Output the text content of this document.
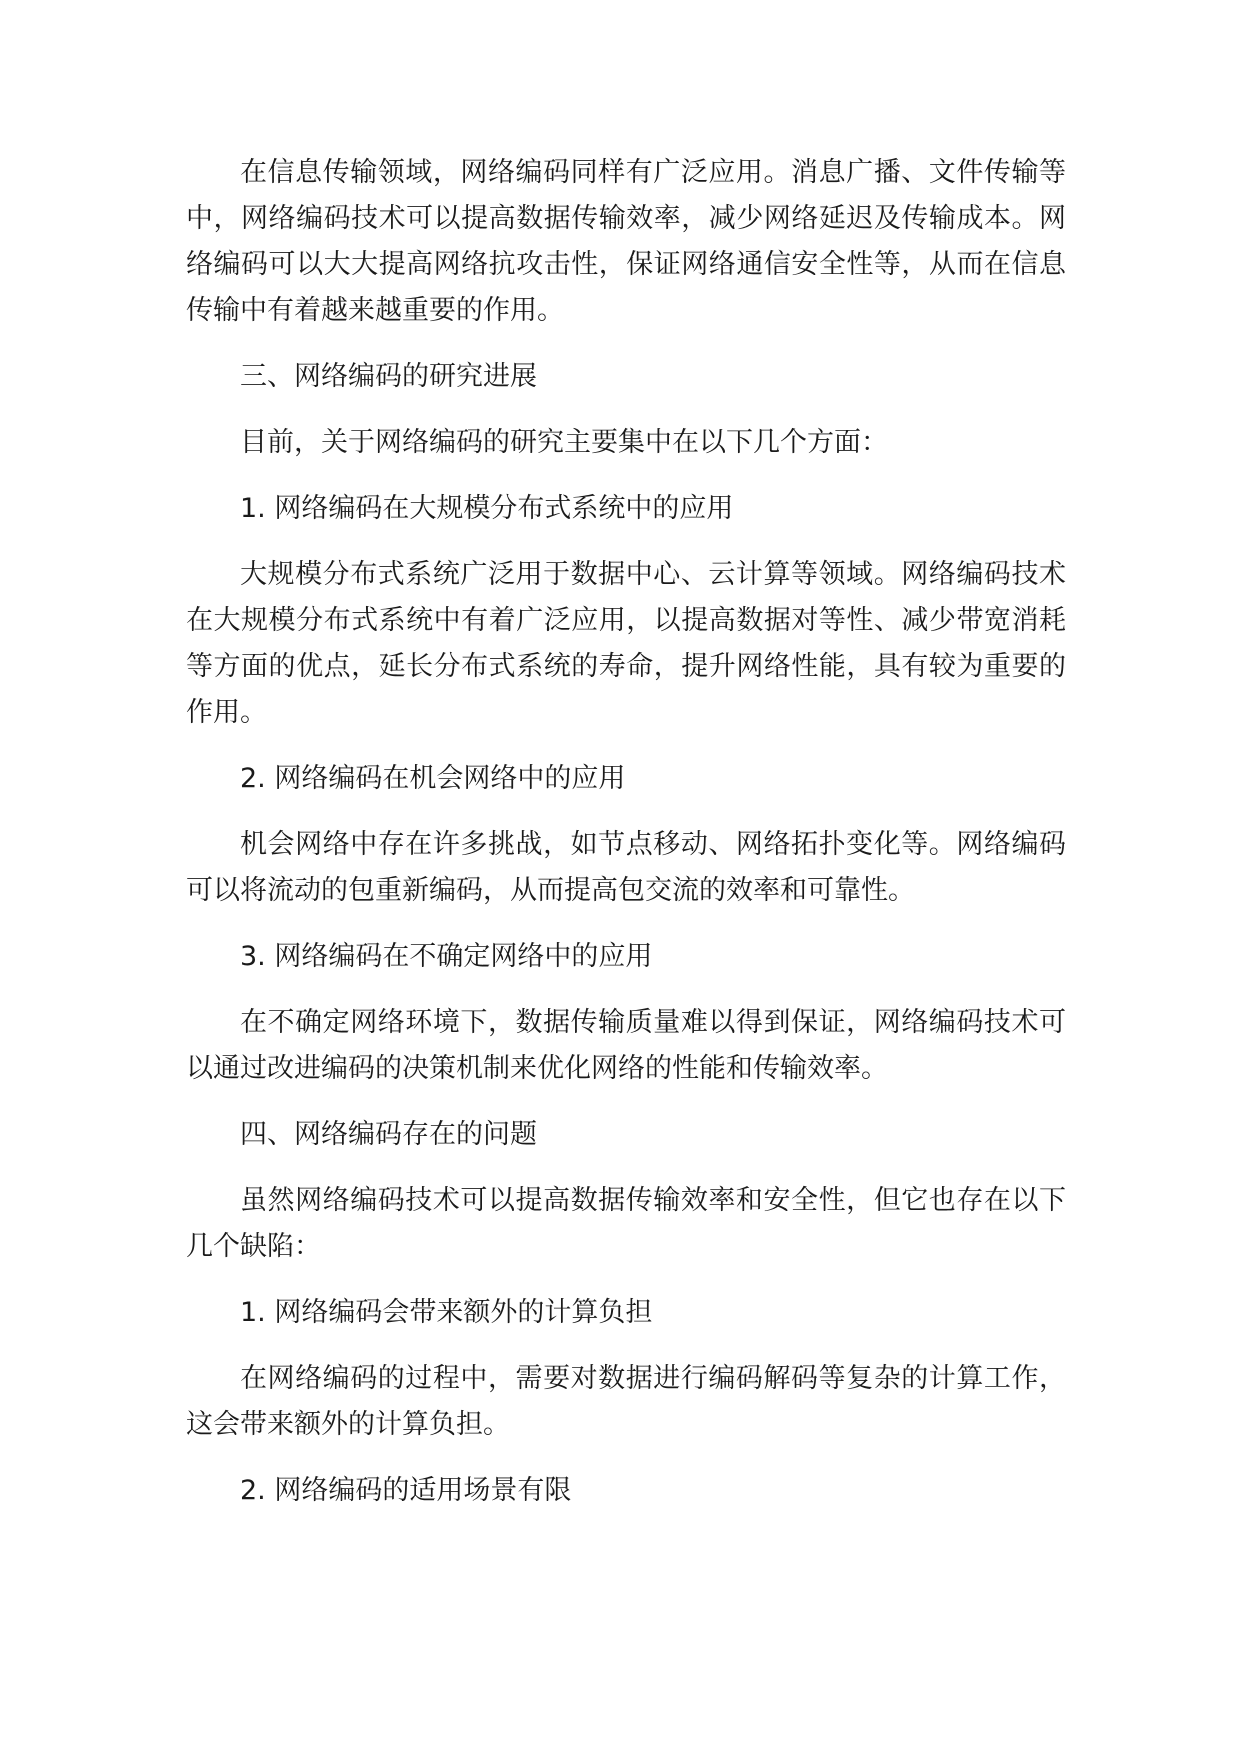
在信息传输领域，网络编码同样有广泛应用。消息广播、文件传输等中，网络编码技术可以提高数据传输效率，减少网络延迟及传输成本。网络编码可以大大提高网络抗攻击性，保证网络通信安全性等，从而在信息传输中有着越来越重要的作用。

三、网络编码的研究进展

目前，关于网络编码的研究主要集中在以下几个方面：

1. 网络编码在大规模分布式系统中的应用

大规模分布式系统广泛用于数据中心、云计算等领域。网络编码技术在大规模分布式系统中有着广泛应用，以提高数据对等性、减少带宽消耗等方面的优点，延长分布式系统的寿命，提升网络性能，具有较为重要的作用。

2. 网络编码在机会网络中的应用

机会网络中存在许多挑战，如节点移动、网络拓扑变化等。网络编码可以将流动的包重新编码，从而提高包交流的效率和可靠性。

3. 网络编码在不确定网络中的应用

在不确定网络环境下，数据传输质量难以得到保证，网络编码技术可以通过改进编码的决策机制来优化网络的性能和传输效率。

四、网络编码存在的问题

虽然网络编码技术可以提高数据传输效率和安全性，但它也存在以下几个缺陷：

1. 网络编码会带来额外的计算负担

在网络编码的过程中，需要对数据进行编码解码等复杂的计算工作，这会带来额外的计算负担。

2. 网络编码的适用场景有限
